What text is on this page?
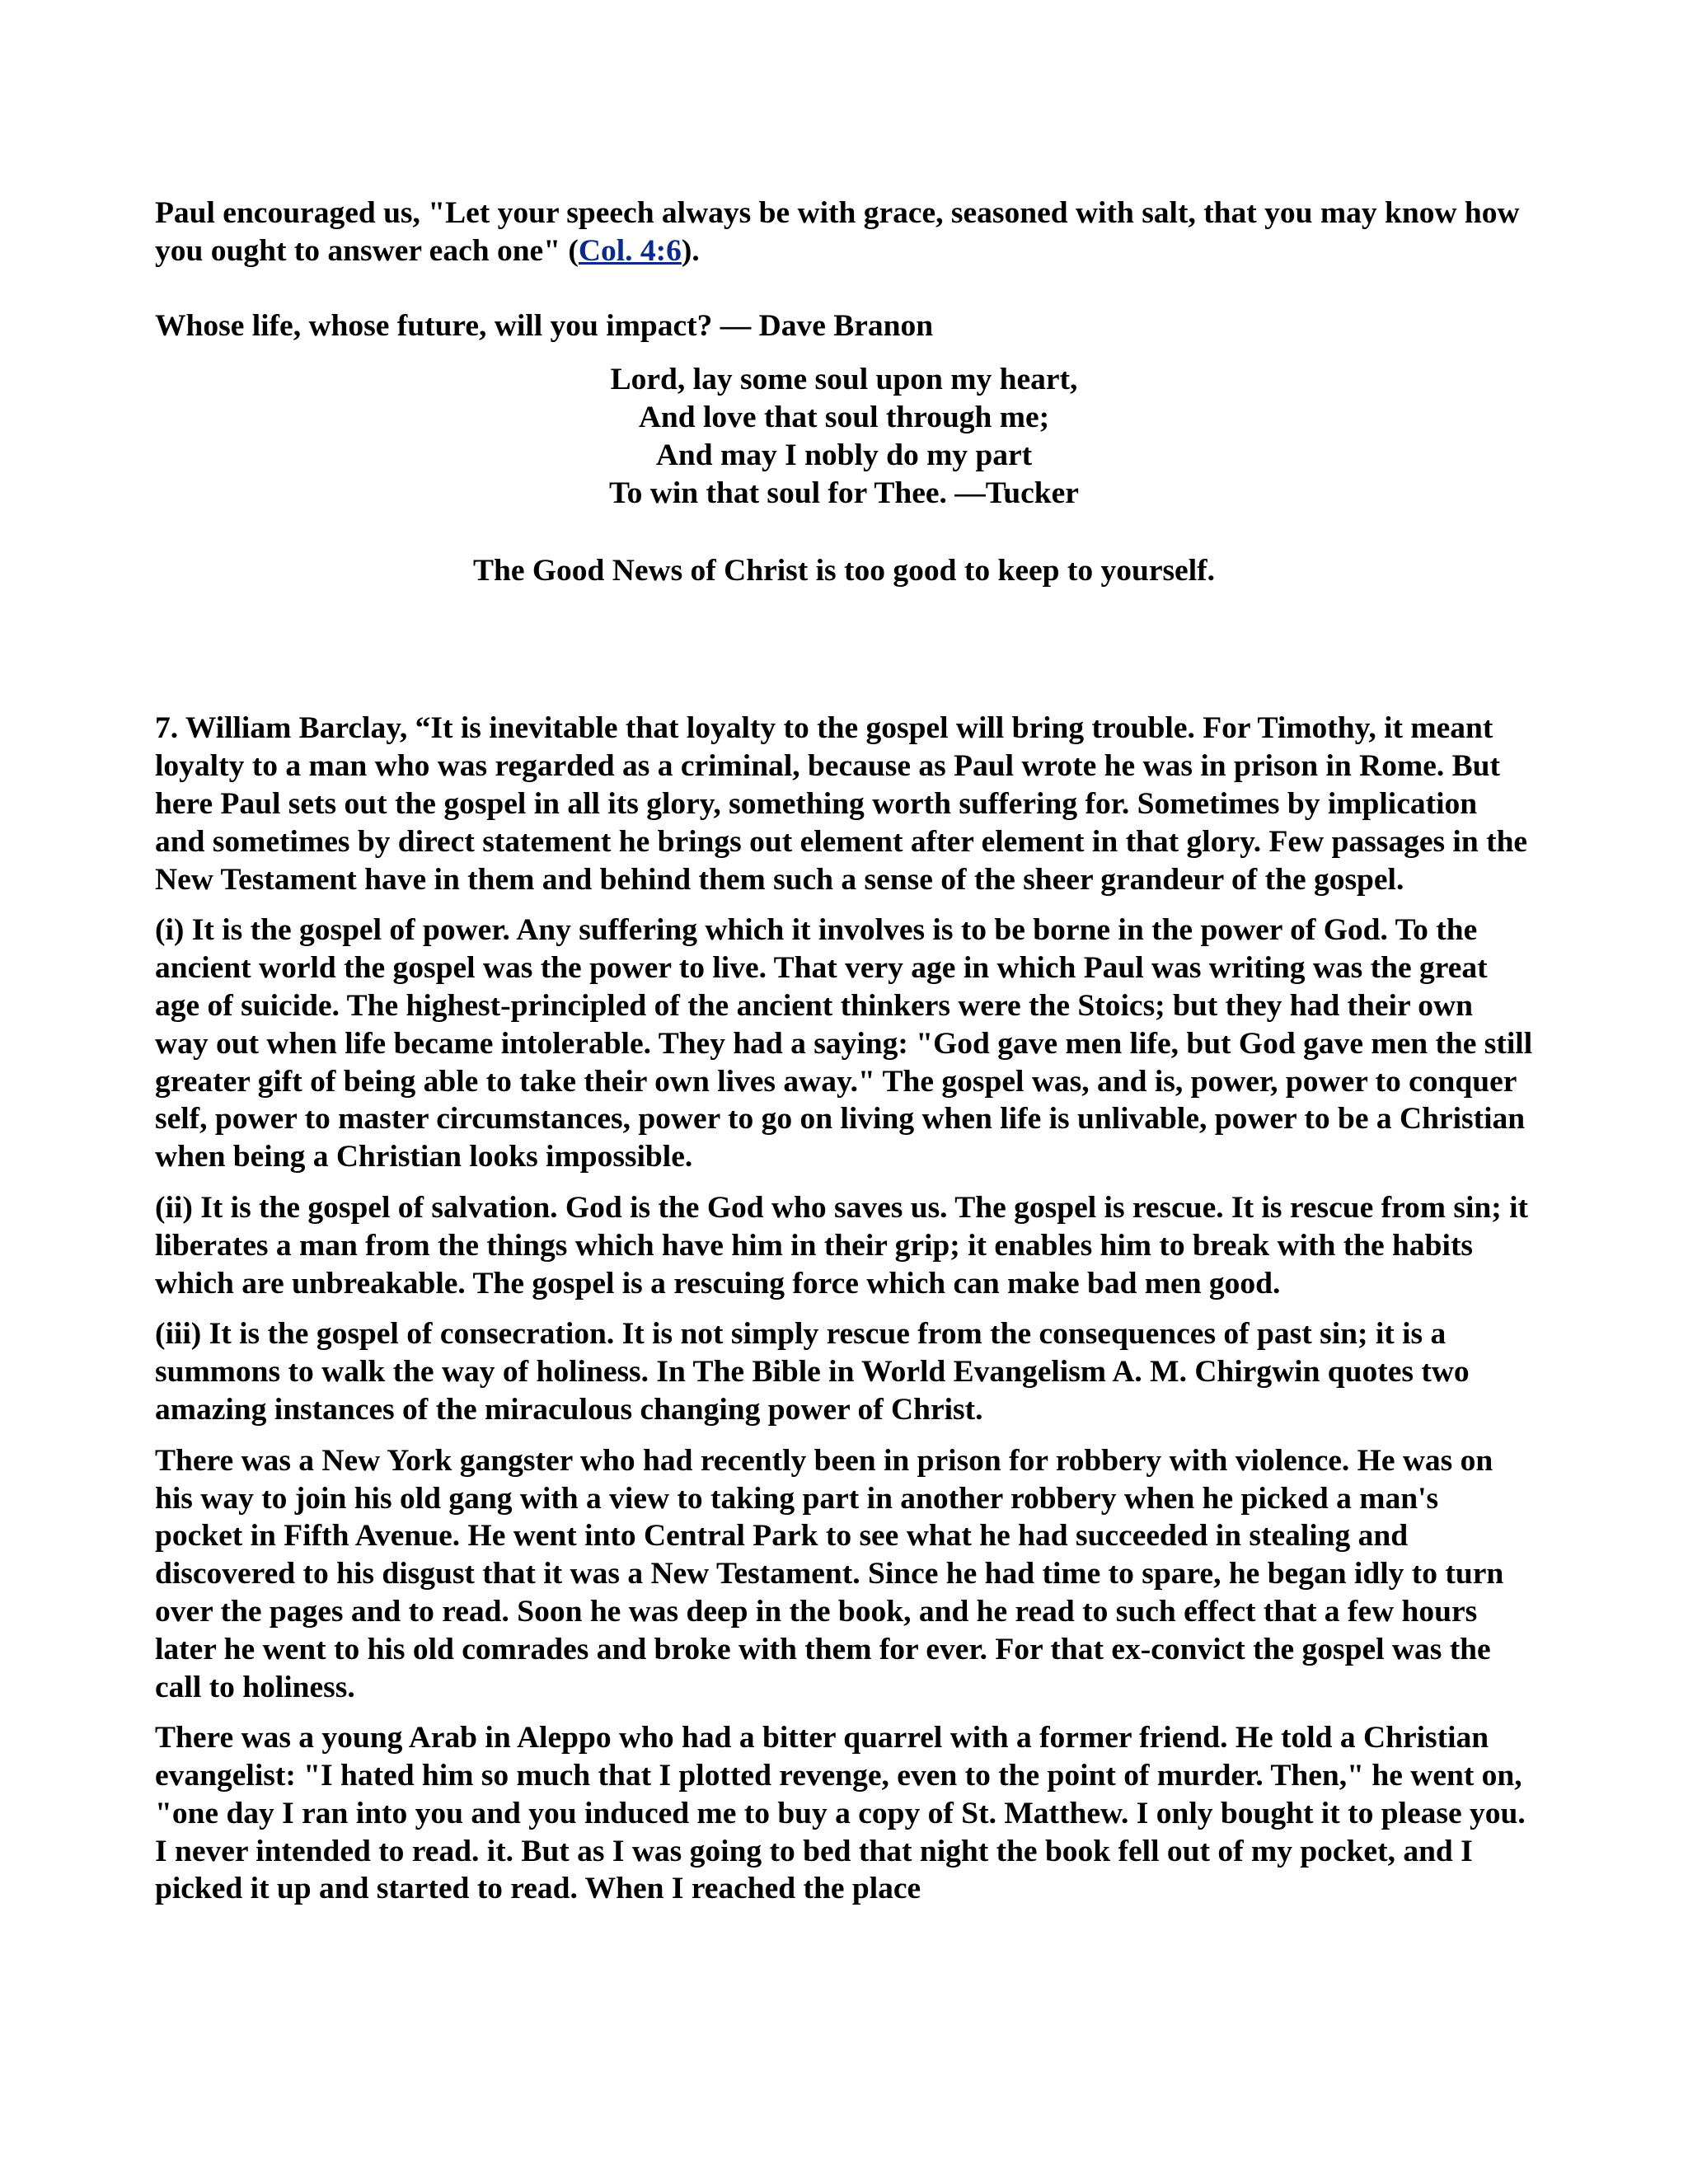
Paul encouraged us, "Let your speech always be with grace, seasoned with salt, that you may know how you ought to answer each one" (Col. 4:6).

Whose life, whose future, will you impact? — Dave Branon

Lord, lay some soul upon my heart,
And love that soul through me;
And may I nobly do my part
To win that soul for Thee. —Tucker

The Good News of Christ is too good to keep to yourself.

7. William Barclay, “It is inevitable that loyalty to the gospel will bring trouble. For Timothy, it meant loyalty to a man who was regarded as a criminal, because as Paul wrote he was in prison in Rome. But here Paul sets out the gospel in all its glory, something worth suffering for. Sometimes by implication and sometimes by direct statement he brings out element after element in that glory. Few passages in the New Testament have in them and behind them such a sense of the sheer grandeur of the gospel.

(i) It is the gospel of power. Any suffering which it involves is to be borne in the power of God. To the ancient world the gospel was the power to live. That very age in which Paul was writing was the great age of suicide. The highest-principled of the ancient thinkers were the Stoics; but they had their own way out when life became intolerable. They had a saying: "God gave men life, but God gave men the still greater gift of being able to take their own lives away." The gospel was, and is, power, power to conquer self, power to master circumstances, power to go on living when life is unlivable, power to be a Christian when being a Christian looks impossible.

(ii) It is the gospel of salvation. God is the God who saves us. The gospel is rescue. It is rescue from sin; it liberates a man from the things which have him in their grip; it enables him to break with the habits which are unbreakable. The gospel is a rescuing force which can make bad men good.

(iii) It is the gospel of consecration. It is not simply rescue from the consequences of past sin; it is a summons to walk the way of holiness. In The Bible in World Evangelism A. M. Chirgwin quotes two amazing instances of the miraculous changing power of Christ.

There was a New York gangster who had recently been in prison for robbery with violence. He was on his way to join his old gang with a view to taking part in another robbery when he picked a man's pocket in Fifth Avenue. He went into Central Park to see what he had succeeded in stealing and discovered to his disgust that it was a New Testament. Since he had time to spare, he began idly to turn over the pages and to read. Soon he was deep in the book, and he read to such effect that a few hours later he went to his old comrades and broke with them for ever. For that ex-convict the gospel was the call to holiness.

There was a young Arab in Aleppo who had a bitter quarrel with a former friend. He told a Christian evangelist: "I hated him so much that I plotted revenge, even to the point of murder. Then," he went on, "one day I ran into you and you induced me to buy a copy of St. Matthew. I only bought it to please you. I never intended to read. it. But as I was going to bed that night the book fell out of my pocket, and I picked it up and started to read. When I reached the place
